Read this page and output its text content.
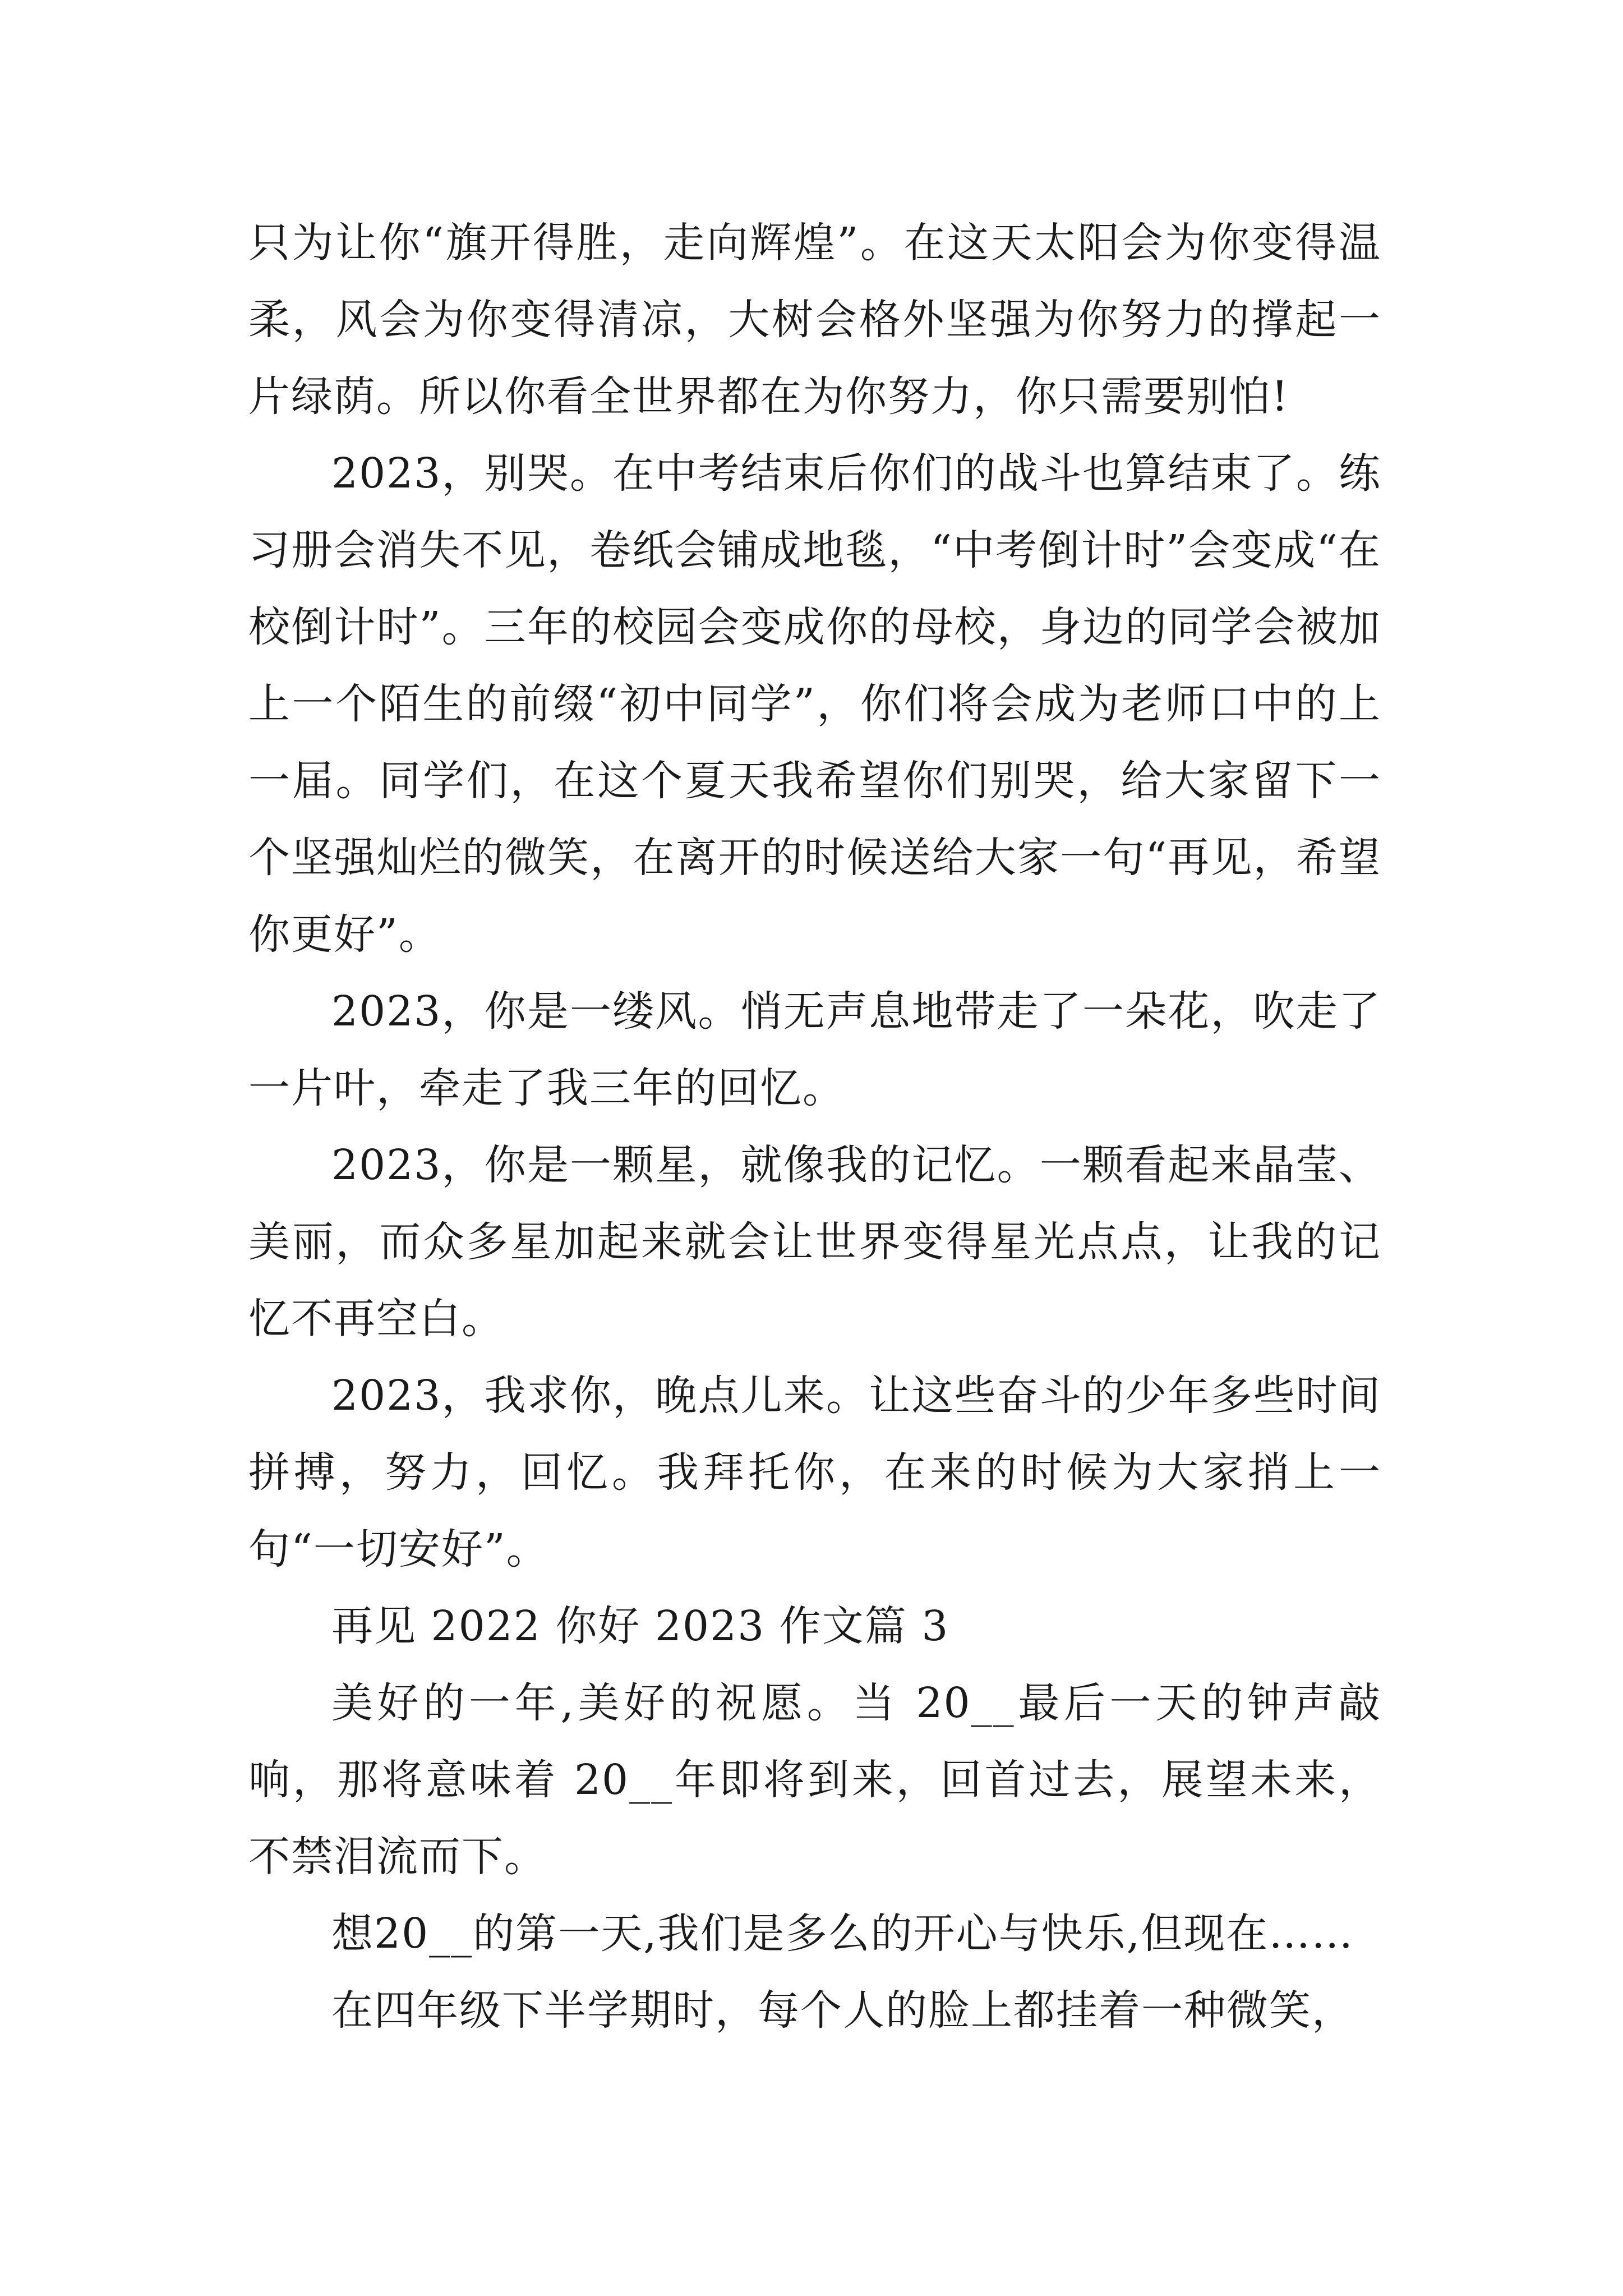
只为让你“旗开得胜，走向辉煌”。在这天太阳会为你变得温柔，风会为你变得清凉，大树会格外坚强为你努力的撑起一片绿荫。所以你看全世界都在为你努力，你只需要别怕!

2023，别哭。在中考结束后你们的战斗也算结束了。练习册会消失不见，卷纸会铺成地毯，“中考倒计时”会变成“在校倒计时”。三年的校园会变成你的母校，身边的同学会被加上一个陌生的前缀“初中同学”，你们将会成为老师口中的上一届。同学们，在这个夏天我希望你们别哭，给大家留下一个坚强灿烂的微笑，在离开的时候送给大家一句“再见，希望你更好”。

2023，你是一缕风。悄无声息地带走了一朵花，吹走了一片叶，牵走了我三年的回忆。

2023，你是一颗星，就像我的记忆。一颗看起来晶莹、美丽，而众多星加起来就会让世界变得星光点点，让我的记忆不再空白。

2023，我求你，晚点儿来。让这些奋斗的少年多些时间拼搏，努力，回忆。我拜托你，在来的时候为大家捎上一句“一切安好”。

再见 2022 你好 2023 作文篇 3

美好的一年,美好的祝愿。当 20__最后一天的钟声敲响，那将意味着 20__年即将到来，回首过去，展望未来，不禁泪流而下。

想20__的第一天,我们是多么的开心与快乐,但现在……

在四年级下半学期时，每个人的脸上都挂着一种微笑，
